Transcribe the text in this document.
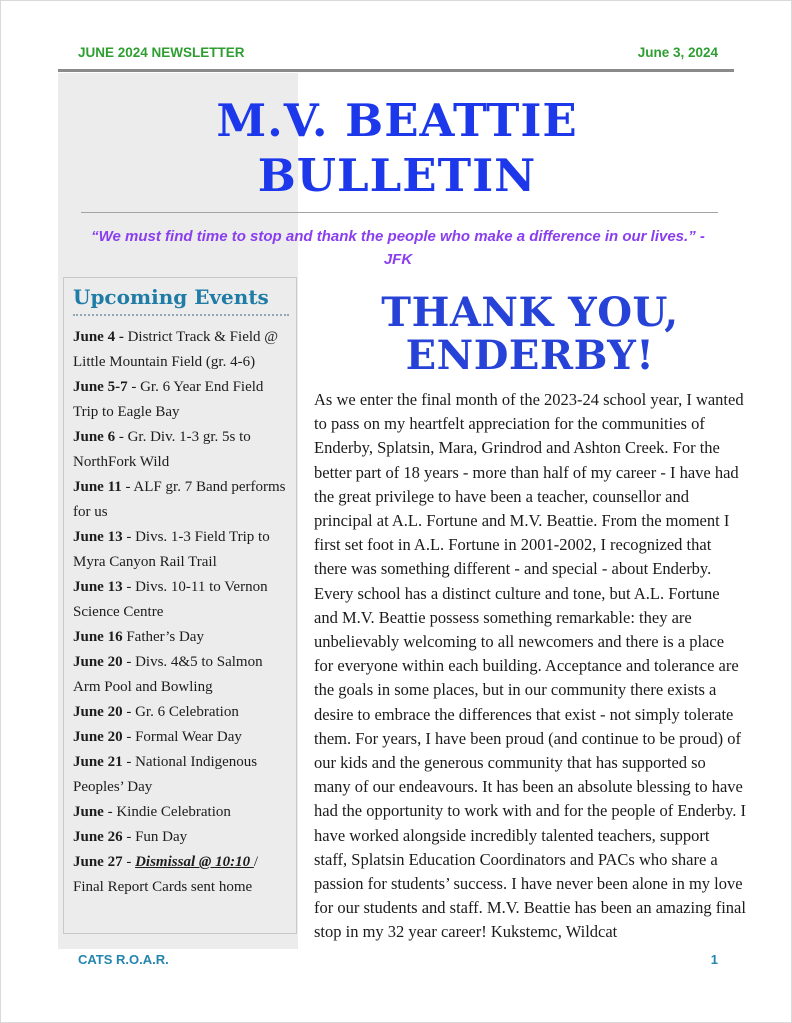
JUNE 2024 NEWSLETTER	June 3, 2024
M.V. BEATTIE
BULLETIN
“We must find time to stop and thank the people who make a difference in our lives.” - JFK
Upcoming Events
June 4 - District Track & Field @ Little Mountain Field (gr. 4-6)
June 5-7 - Gr. 6 Year End Field Trip to Eagle Bay
June 6 - Gr. Div. 1-3 gr. 5s to NorthFork Wild
June 11 - ALF gr. 7 Band performs for us
June 13 - Divs. 1-3 Field Trip to Myra Canyon Rail Trail
June 13 - Divs. 10-11 to Vernon Science Centre
June 16 Father’s Day
June 20 - Divs. 4&5 to Salmon Arm Pool and Bowling
June 20 - Gr. 6 Celebration
June 20 - Formal Wear Day
June 21 - National Indigenous Peoples’ Day
June - Kindie Celebration
June 26 - Fun Day
June 27 - Dismissal @ 10:10 / Final Report Cards sent home
THANK YOU,
ENDERBY!
As we enter the final month of the 2023-24 school year, I wanted to pass on my heartfelt appreciation for the communities of Enderby, Splatsin, Mara, Grindrod and Ashton Creek. For the better part of 18 years - more than half of my career - I have had the great privilege to have been a teacher, counsellor and principal at A.L. Fortune and M.V. Beattie. From the moment I first set foot in A.L. Fortune in 2001-2002, I recognized that there was something different - and special - about Enderby. Every school has a distinct culture and tone, but A.L. Fortune and M.V. Beattie possess something remarkable: they are unbelievably welcoming to all newcomers and there is a place for everyone within each building. Acceptance and tolerance are the goals in some places, but in our community there exists a desire to embrace the differences that exist - not simply tolerate them. For years, I have been proud (and continue to be proud) of our kids and the generous community that has supported so many of our endeavours. It has been an absolute blessing to have had the opportunity to work with and for the people of Enderby. I have worked alongside incredibly talented teachers, support staff, Splatsin Education Coordinators and PACs who share a passion for students’ success. I have never been alone in my love for our students and staff. M.V. Beattie has been an amazing final stop in my 32 year career! Kukstemc, Wildcat
CATS R.O.A.R.	1
